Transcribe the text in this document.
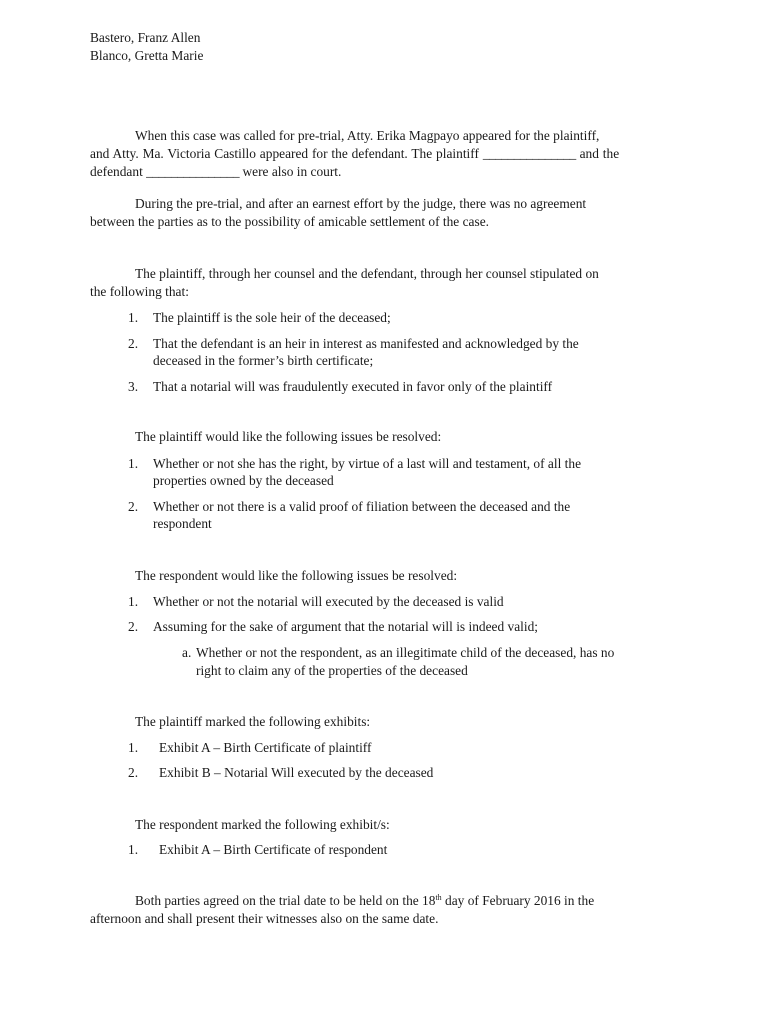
Bastero, Franz Allen
Blanco, Gretta Marie
When this case was called for pre-trial, Atty. Erika Magpayo appeared for the plaintiff,
and Atty. Ma. Victoria Castillo appeared for the defendant. The plaintiff _______________ and the
defendant _______________ were also in court.
During the pre-trial, and after an earnest effort by the judge, there was no agreement
between the parties as to the possibility of amicable settlement of the case.
The plaintiff, through her counsel and the defendant, through her counsel stipulated on
the following that:
1. The plaintiff is the sole heir of the deceased;
2. That the defendant is an heir in interest as manifested and acknowledged by the
deceased in the former’s birth certificate;
3. That a notarial will was fraudulently executed in favor only of the plaintiff
The plaintiff would like the following issues be resolved:
1. Whether or not she has the right, by virtue of a last will and testament, of all the
properties owned by the deceased
2. Whether or not there is a valid proof of filiation between the deceased and the
respondent
The respondent would like the following issues be resolved:
1. Whether or not the notarial will executed by the deceased is valid
2. Assuming for the sake of argument that the notarial will is indeed valid;
a. Whether or not the respondent, as an illegitimate child of the deceased, has no
right to claim any of the properties of the deceased
The plaintiff marked the following exhibits:
1. Exhibit A – Birth Certificate of plaintiff
2. Exhibit B – Notarial Will executed by the deceased
The respondent marked the following exhibit/s:
1. Exhibit A – Birth Certificate of respondent
Both parties agreed on the trial date to be held on the 18th day of February 2016 in the
afternoon and shall present their witnesses also on the same date.
